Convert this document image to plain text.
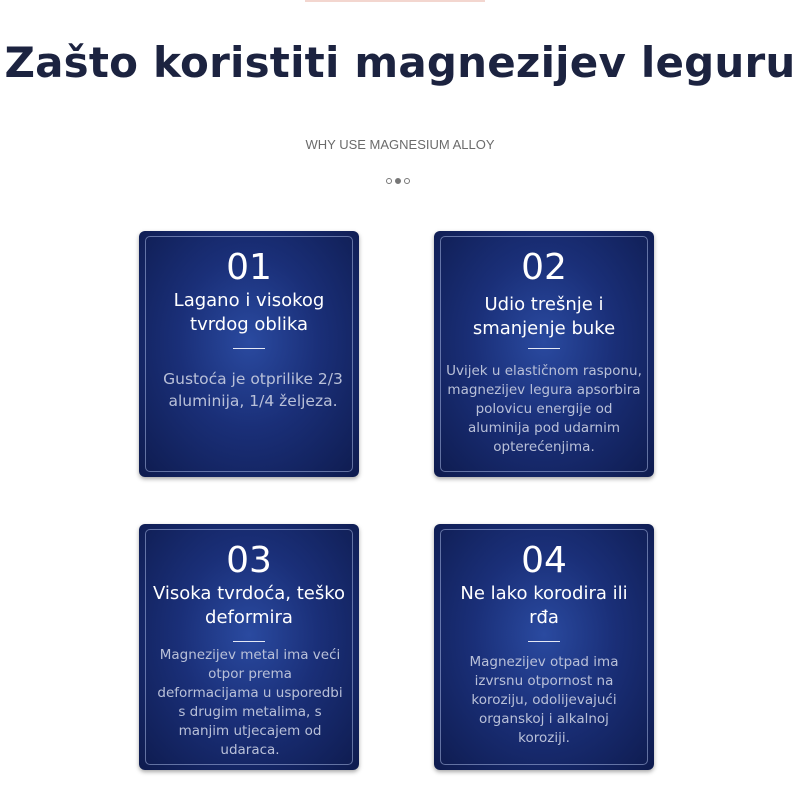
Zašto koristiti magnezijev leguru
WHY USE MAGNESIUM ALLOY
01
Lagano i visokog tvrdog oblika
Gustoća je otprilike 2/3 aluminija, 1/4 željeza.
02
Udio trešnje i smanjenje buke
Uvijek u elastičnom rasponu, magnezijev legura apsorbira polovicu energije od aluminija pod udarnim opterećenjima.
03
Visoka tvrdoća, teško deformira
Magnezijev metal ima veći otpor prema deformacijama u usporedbi s drugim metalima, s manjim utjecajem od udaraca.
04
Ne lako korodira ili rđa
Magnezijev otpad ima izvrsnu otpornost na koroziju, odolijevajući organskoj i alkalnoj koroziji.
